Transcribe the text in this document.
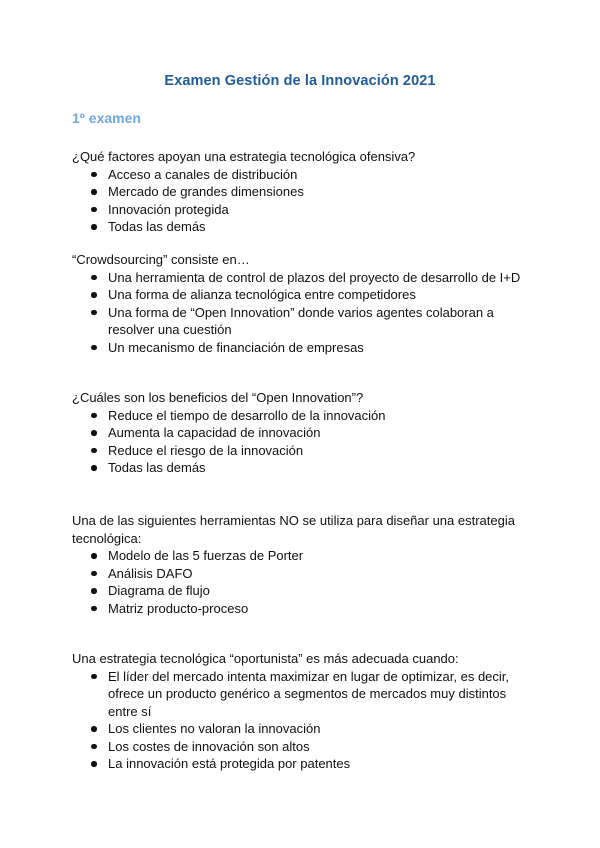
Examen Gestión de la Innovación 2021
1º examen

¿Qué factores apoyan una estrategia tecnológica ofensiva?

Acceso a canales de distribución
Mercado de grandes dimensiones
Innovación protegida
Todas las demás

“Crowdsourcing” consiste en…

Una herramienta de control de plazos del proyecto de desarrollo de I+D
Una forma de alianza tecnológica entre competidores
Una forma de “Open Innovation” donde varios agentes colaboran a resolver una cuestión
Un mecanismo de financiación de empresas

¿Cuáles son los beneficios del “Open Innovation”?

Reduce el tiempo de desarrollo de la innovación
Aumenta la capacidad de innovación
Reduce el riesgo de la innovación
Todas las demás

Una de las siguientes herramientas NO se utiliza para diseñar una estrategia tecnológica:

Modelo de las 5 fuerzas de Porter
Análisis DAFO
Diagrama de flujo
Matriz producto-proceso

Una estrategia tecnológica “oportunista” es más adecuada cuando:

El líder del mercado intenta maximizar en lugar de optimizar, es decir, ofrece un producto genérico a segmentos de mercados muy distintos entre sí
Los clientes no valoran la innovación
Los costes de innovación son altos
La innovación está protegida por patentes
